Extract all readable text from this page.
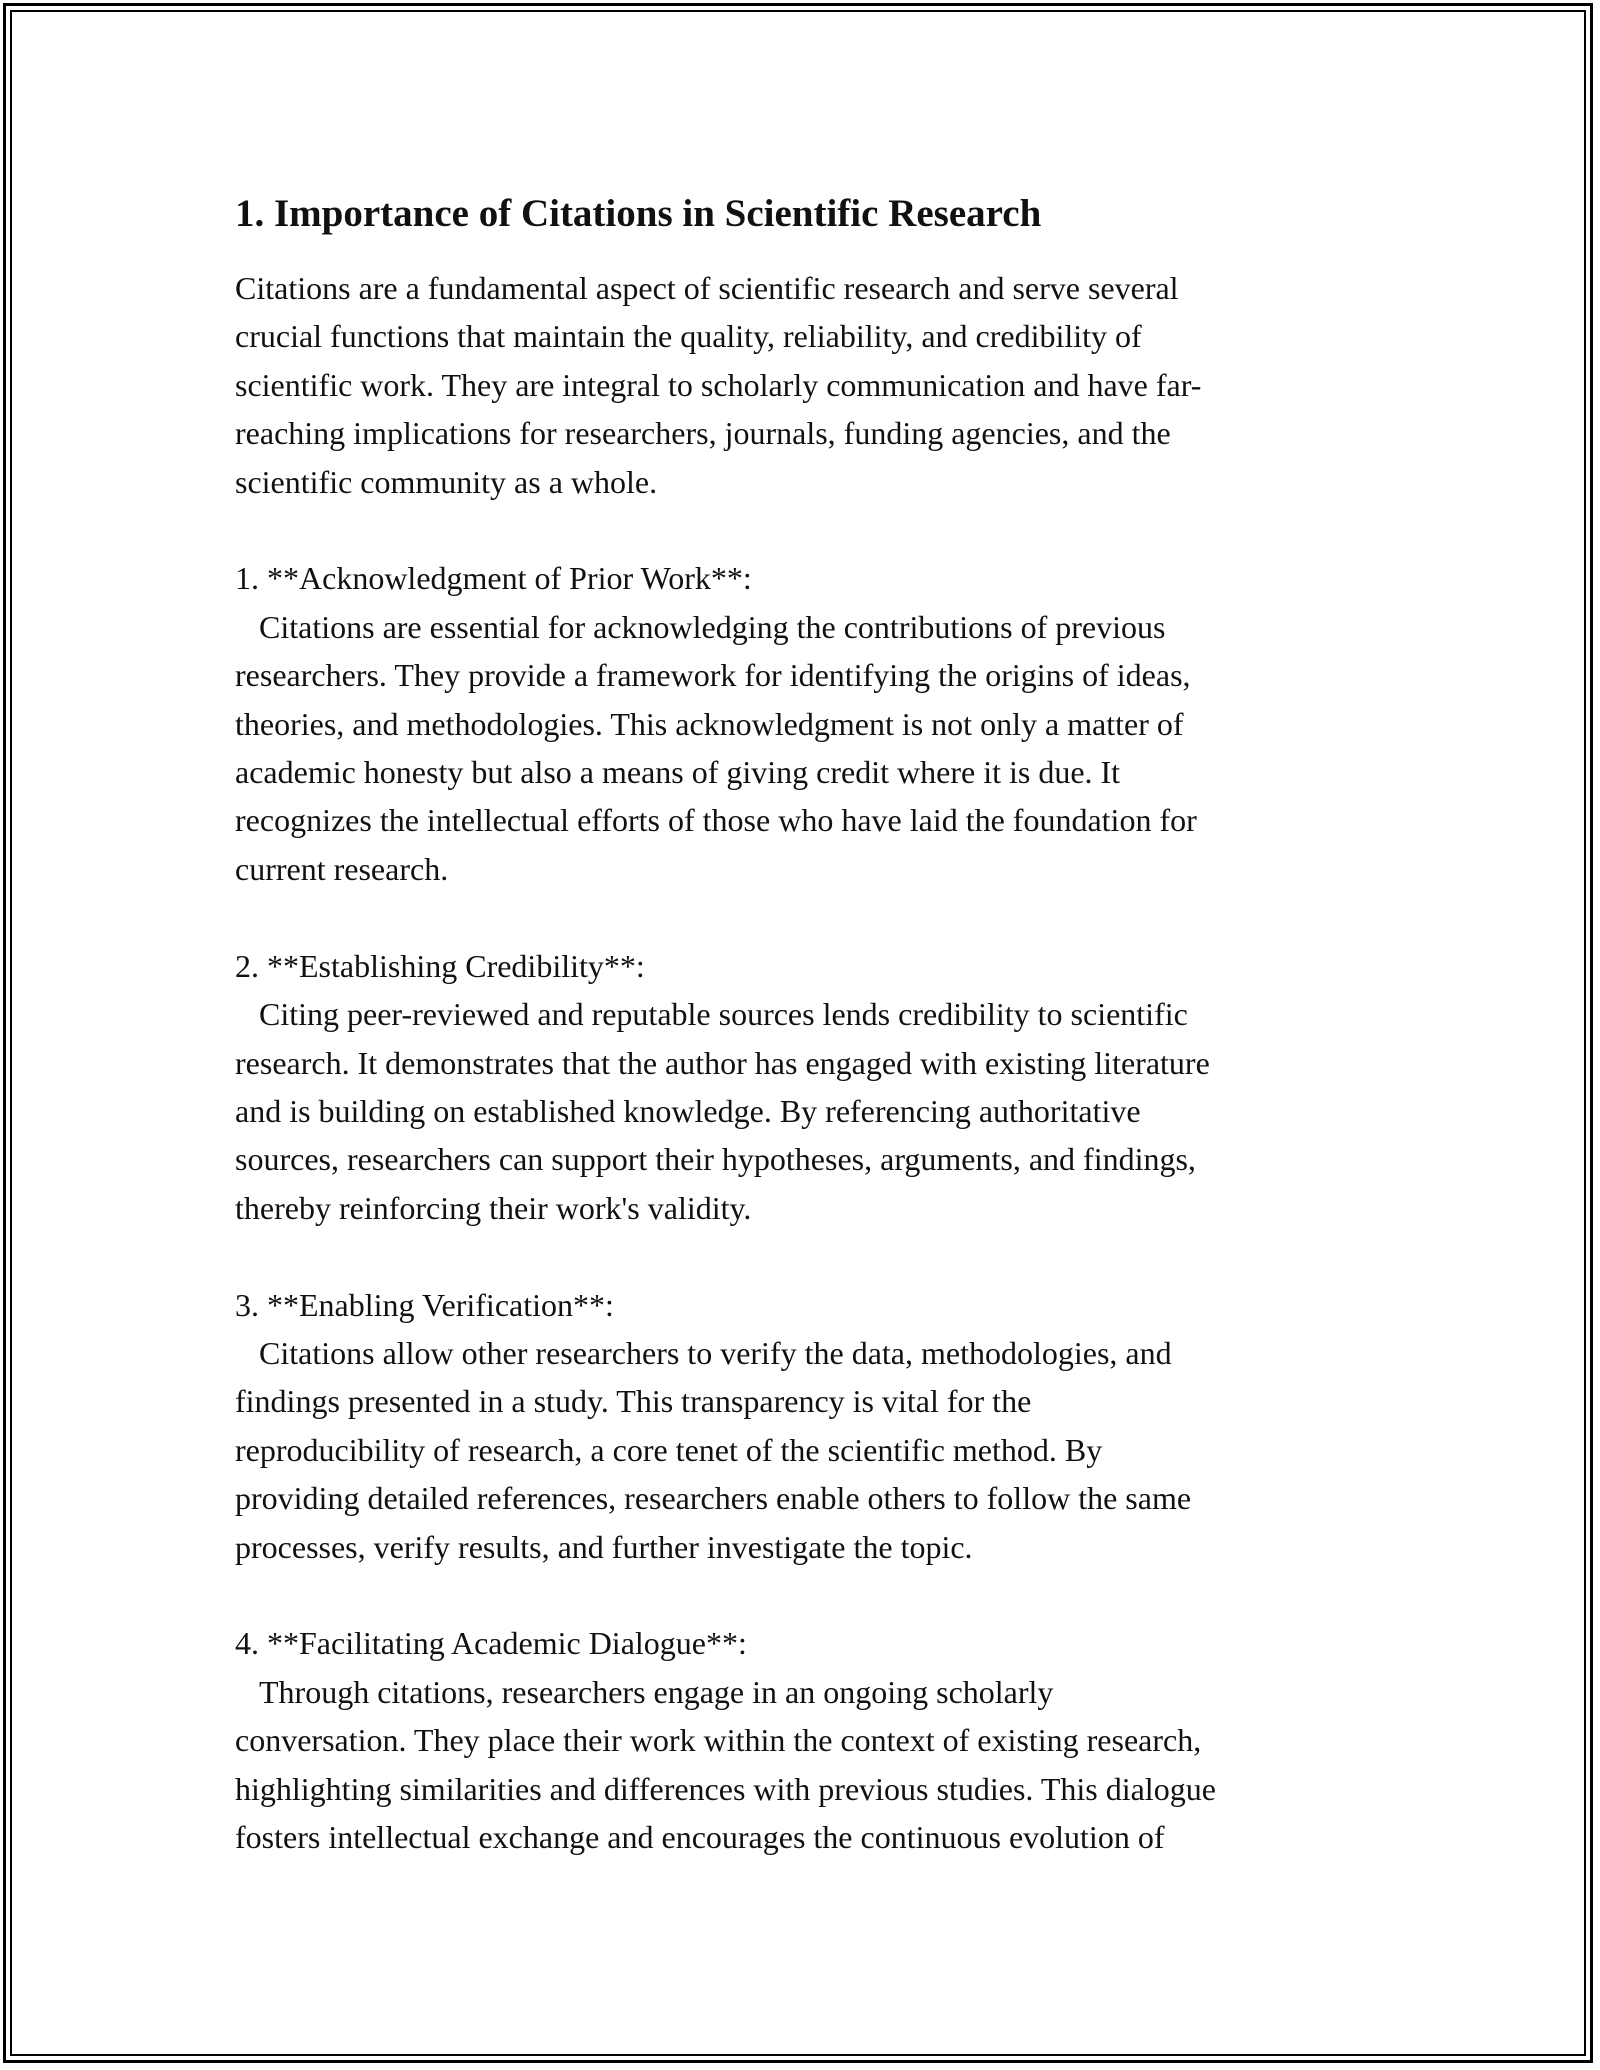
1. Importance of Citations in Scientific Research

Citations are a fundamental aspect of scientific research and serve several
crucial functions that maintain the quality, reliability, and credibility of
scientific work. They are integral to scholarly communication and have far-
reaching implications for researchers, journals, funding agencies, and the
scientific community as a whole.

1. **Acknowledgment of Prior Work**:
Citations are essential for acknowledging the contributions of previous
researchers. They provide a framework for identifying the origins of ideas,
theories, and methodologies. This acknowledgment is not only a matter of
academic honesty but also a means of giving credit where it is due. It
recognizes the intellectual efforts of those who have laid the foundation for
current research.

2. **Establishing Credibility**:
Citing peer-reviewed and reputable sources lends credibility to scientific
research. It demonstrates that the author has engaged with existing literature
and is building on established knowledge. By referencing authoritative
sources, researchers can support their hypotheses, arguments, and findings,
thereby reinforcing their work's validity.

3. **Enabling Verification**:
Citations allow other researchers to verify the data, methodologies, and
findings presented in a study. This transparency is vital for the
reproducibility of research, a core tenet of the scientific method. By
providing detailed references, researchers enable others to follow the same
processes, verify results, and further investigate the topic.

4. **Facilitating Academic Dialogue**:
Through citations, researchers engage in an ongoing scholarly
conversation. They place their work within the context of existing research,
highlighting similarities and differences with previous studies. This dialogue
fosters intellectual exchange and encourages the continuous evolution of
